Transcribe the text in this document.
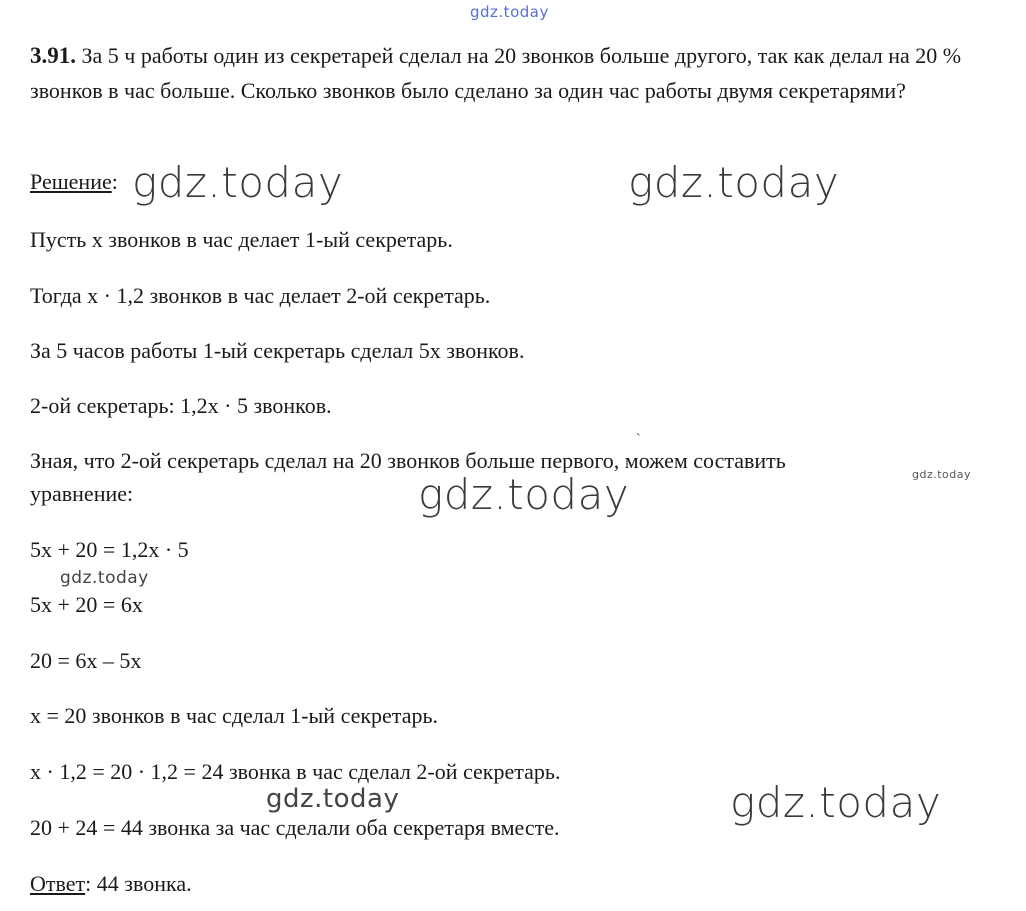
gdz.today
3.91. За 5 ч работы один из секретарей сделал на 20 звонков больше другого, так как делал на 20 % звонков в час больше. Сколько звонков было сделано за один час работы двумя секретарями?
Решение: gdz.today	gdz.today
Пусть x звонков в час делает 1-ый секретарь.
Тогда x · 1,2 звонков в час делает 2-ой секретарь.
За 5 часов работы 1-ый секретарь сделал 5x звонков.
2-ой секретарь: 1,2x · 5 звонков.
`
Зная, что 2-ой секретарь сделал на 20 звонков больше первого, можем составить
уравнение:
gdz.today
gdz.today
5x + 20 = 1,2x · 5
gdz.today
5x + 20 = 6x
20 = 6x – 5x
x = 20 звонков в час сделал 1-ый секретарь.
x · 1,2 = 20 · 1,2 = 24 звонка в час сделал 2-ой секретарь.
gdz.today	gdz.today
20 + 24 = 44 звонка за час сделали оба секретаря вместе.
Ответ: 44 звонка.
